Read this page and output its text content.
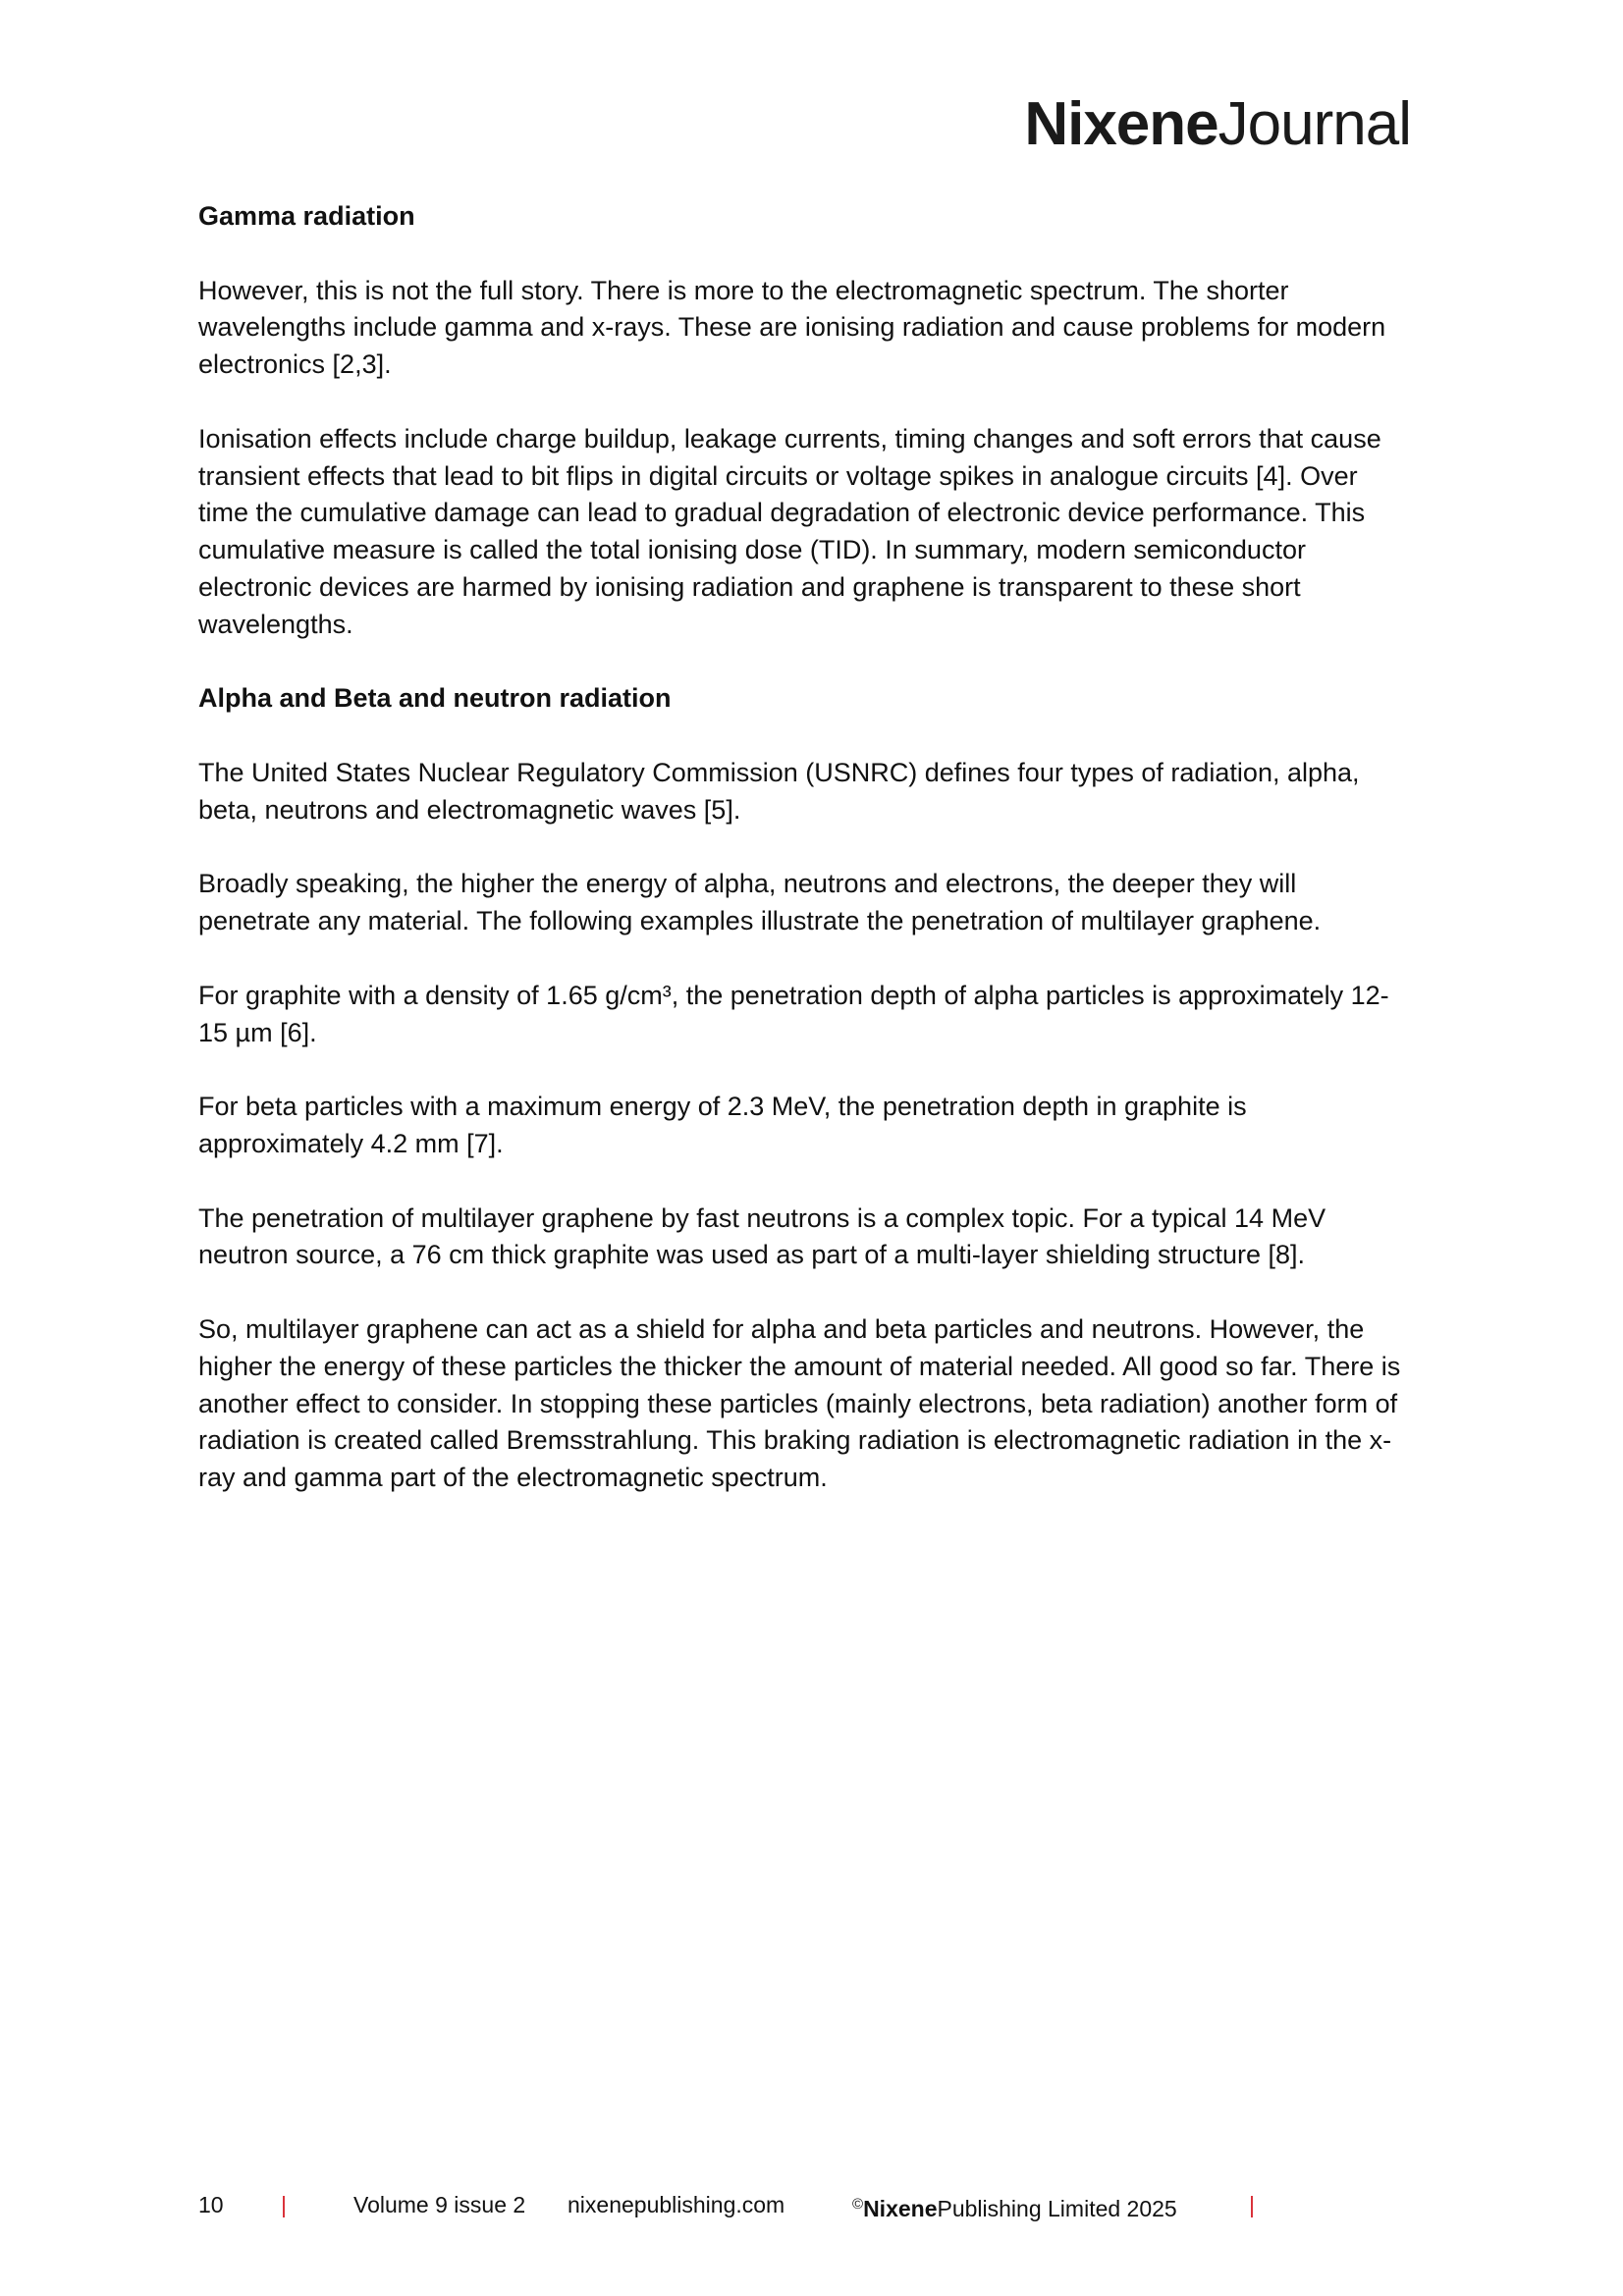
NixeneJournal
Gamma radiation

However, this is not the full story. There is more to the electromagnetic spectrum. The shorter wavelengths include gamma and x-rays. These are ionising radiation and cause problems for modern electronics [2,3].

Ionisation effects include charge buildup, leakage currents, timing changes and soft errors that cause transient effects that lead to bit flips in digital circuits or voltage spikes in analogue circuits [4]. Over time the cumulative damage can lead to gradual degradation of electronic device performance. This cumulative measure is called the total ionising dose (TID). In summary, modern semiconductor electronic devices are harmed by ionising radiation and graphene is transparent to these short wavelengths.

Alpha and Beta and neutron radiation

The United States Nuclear Regulatory Commission (USNRC) defines four types of radiation, alpha, beta, neutrons and electromagnetic waves [5].

Broadly speaking, the higher the energy of alpha, neutrons and electrons, the deeper they will penetrate any material. The following examples illustrate the penetration of multilayer graphene.

For graphite with a density of 1.65 g/cm³, the penetration depth of alpha particles is approximately 12-15 µm [6].

For beta particles with a maximum energy of 2.3 MeV, the penetration depth in graphite is approximately 4.2 mm [7].

The penetration of multilayer graphene by fast neutrons is a complex topic. For a typical 14 MeV neutron source, a 76 cm thick graphite was used as part of a multi-layer shielding structure [8].

So, multilayer graphene can act as a shield for alpha and beta particles and neutrons. However, the higher the energy of these particles the thicker the amount of material needed. All good so far. There is another effect to consider. In stopping these particles (mainly electrons, beta radiation) another form of radiation is created called Bremsstrahlung. This braking radiation is electromagnetic radiation in the x-ray and gamma part of the electromagnetic spectrum.

10	|	Volume 9 issue 2 nixenepublishing.com	©NixenePublishing Limited 2025	|
